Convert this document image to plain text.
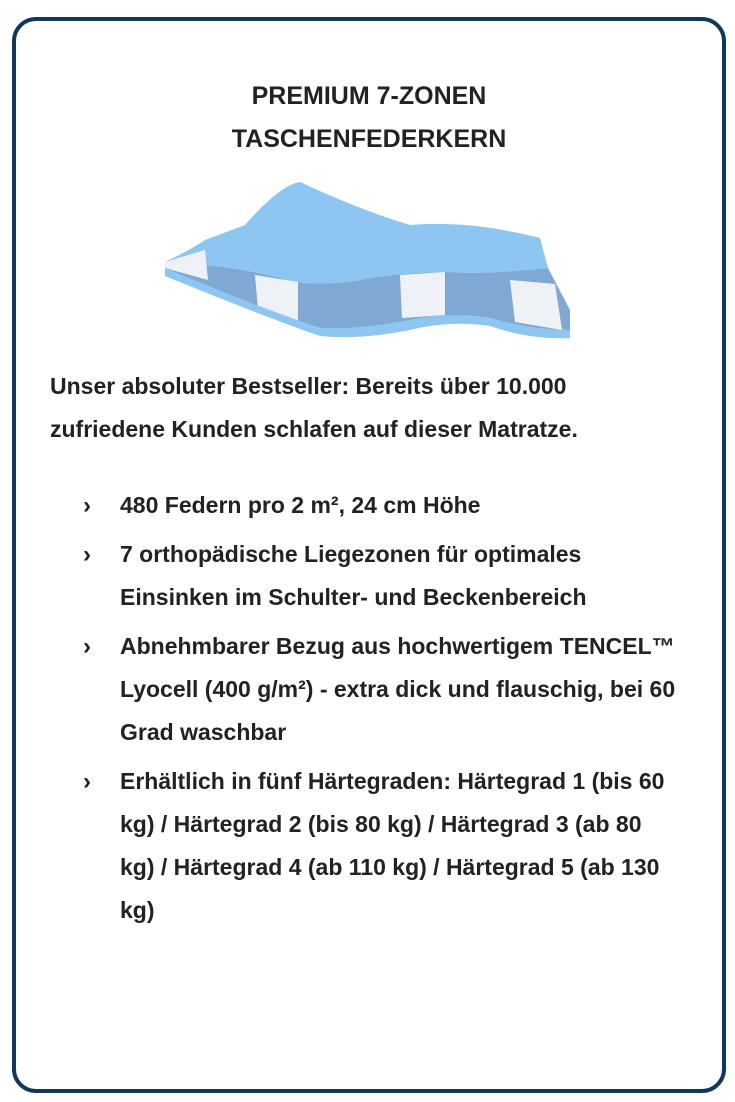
PREMIUM 7-ZONEN
TASCHENFEDERKERN
Unser absoluter Bestseller: Bereits über 10.000
zufriedene Kunden schlafen auf dieser Matratze.
› 480 Federn pro 2 m², 24 cm Höhe
› 7 orthopädische Liegezonen für optimales Einsinken im Schulter- und Beckenbereich
› Abnehmbarer Bezug aus hochwertigem TENCEL™ Lyocell (400 g/m²) - extra dick und flauschig, bei 60 Grad waschbar
› Erhältlich in fünf Härtegraden: Härtegrad 1 (bis 60 kg) / Härtegrad 2 (bis 80 kg) / Härtegrad 3 (ab 80 kg) / Härtegrad 4 (ab 110 kg) / Härtegrad 5 (ab 130 kg)
